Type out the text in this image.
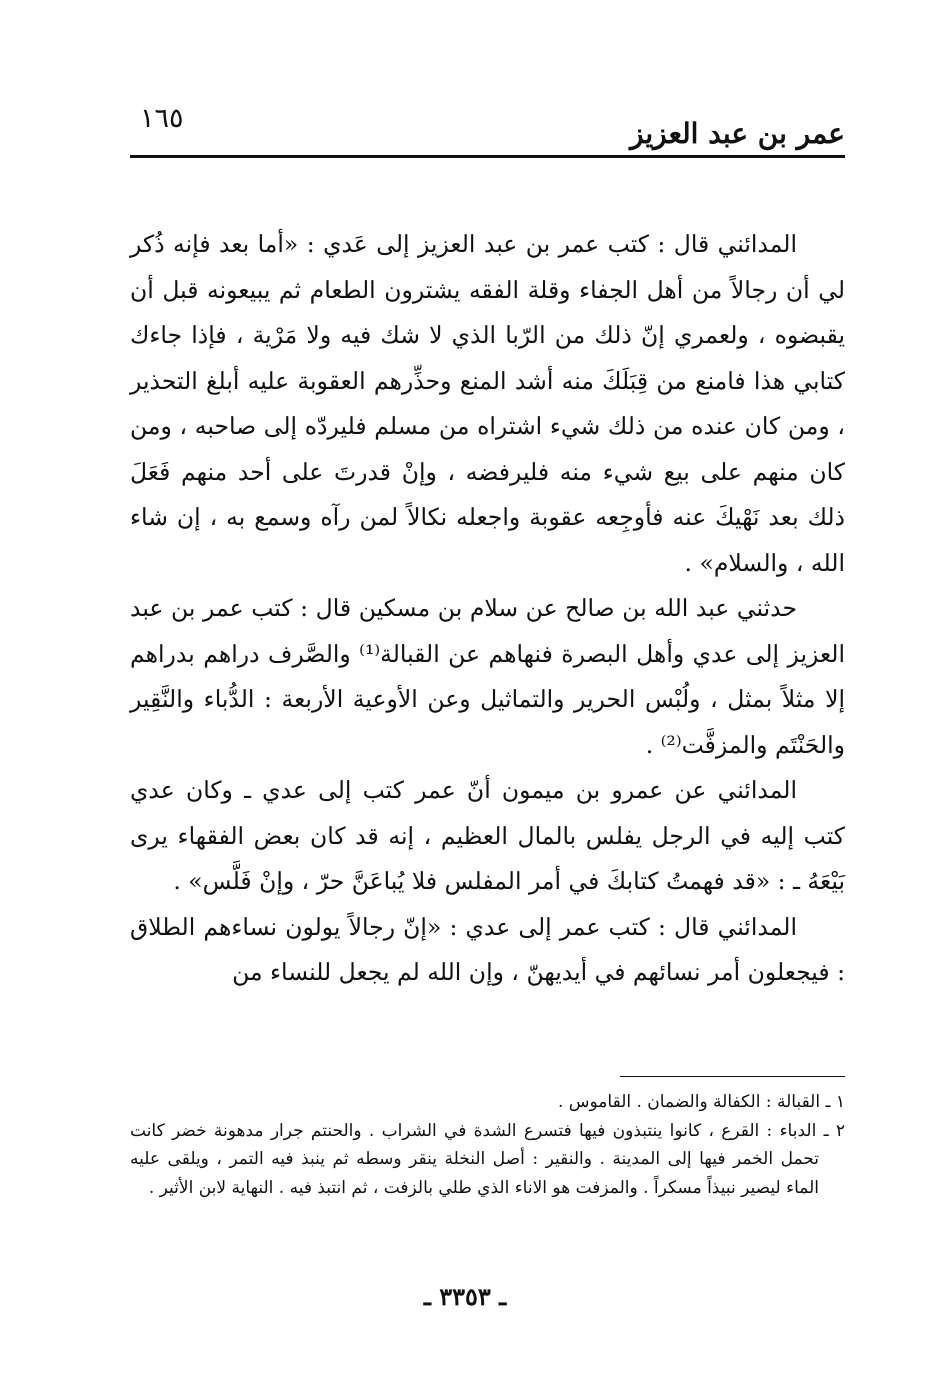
١٦٥	عمر بن عبد العزيز

المدائني قال : كتب عمر بن عبد العزيز إلى عَدي : «أما بعد فإنه ذُكر لي أن رجالاً من أهل الجفاء وقلة الفقه يشترون الطعام ثم يبيعونه قبل أن يقبضوه ، ولعمري إنّ ذلك من الرّبا الذي لا شك فيه ولا مَرْية ، فإذا جاءك كتابي هذا فامنع من قِبَلَكَ منه أشد المنع وحذِّرهم العقوبة عليه أبلغ التحذير ، ومن كان عنده من ذلك شيء اشتراه من مسلم فليردّه إلى صاحبه ، ومن كان منهم على بيع شيء منه فليرفضه ، وإنْ قدرتَ على أحد منهم فَعَلَ ذلك بعد نَهْيكَ عنه فأوجِعه عقوبة واجعله نكالاً لمن رآه وسمع به ، إن شاء الله ، والسلام» .

حدثني عبد الله بن صالح عن سلام بن مسكين قال : كتب عمر بن عبد العزيز إلى عدي وأهل البصرة فنهاهم عن القبالة⁽¹⁾ والصَّرف دراهم بدراهم إلا مثلاً بمثل ، ولُبْس الحرير والتماثيل وعن الأوعية الأربعة : الدُّباء والنَّقِير والحَنْتَم والمزفَّت⁽²⁾ .

المدائني عن عمرو بن ميمون أنّ عمر كتب إلى عدي ـ وكان عدي كتب إليه في الرجل يفلس بالمال العظيم ، إنه قد كان بعض الفقهاء يرى بَيْعَهُ ـ : «قد فهمتُ كتابكَ في أمر المفلس فلا يُباعَنَّ حرّ ، وإنْ فَلَّس» .

المدائني قال : كتب عمر إلى عدي : «إنّ رجالاً يولون نساءهم الطلاق : فيجعلون أمر نسائهم في أيديهنّ ، وإن الله لم يجعل للنساء من

١ ـ القبالة : الكفالة والضمان . القاموس .

٢ ـ الدباء : القرع ، كانوا ينتبذون فيها فتسرع الشدة في الشراب . والحنتم جرار مدهونة خضر كانت تحمل الخمر فيها إلى المدينة . والنقير : أصل النخلة ينقر وسطه ثم ينبذ فيه التمر ، ويلقى عليه الماء ليصير نبيذاً مسكراً . والمزفت هو الاناء الذي طلي بالزفت ، ثم انتبذ فيه . النهاية لابن الأثير .

ـ ٣٣٥٣ ـ
